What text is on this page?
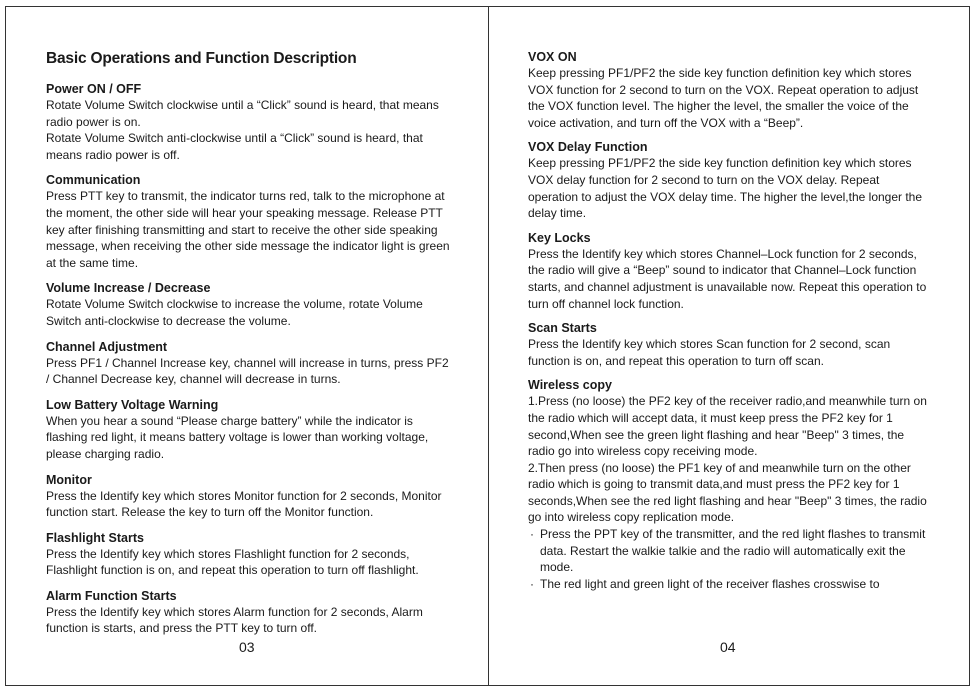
Basic Operations and Function Description

Power ON / OFF

Rotate Volume Switch clockwise until a “Click” sound is heard, that means radio power is on.

Rotate Volume Switch anti-clockwise until a “Click” sound is heard, that means radio power is off.

Communication

Press PTT key to transmit, the indicator turns red, talk to the microphone at the moment, the other side will hear your speaking message. Release PTT key after finishing transmitting and start to receive the other side speaking message, when receiving the other side message the indicator light is green at the same time.

Volume Increase / Decrease

Rotate Volume Switch clockwise to increase the volume, rotate Volume Switch anti-clockwise to decrease the volume.

Channel Adjustment

Press PF1 / Channel Increase key, channel will increase in turns, press PF2 / Channel Decrease key, channel will decrease in turns.

Low Battery Voltage Warning

When you hear a sound “Please charge battery” while the indicator is flashing red light, it means battery voltage is lower than working voltage, please charging radio.

Monitor

Press the Identify key which stores Monitor function for 2 seconds, Monitor function start. Release the key to turn off the Monitor function.

Flashlight Starts

Press the Identify key which stores Flashlight function for 2 seconds, Flashlight function is on, and repeat this operation to turn off flashlight.

Alarm Function Starts

Press the Identify key which stores Alarm function for 2 seconds, Alarm function is starts, and press the PTT key to turn off.

03

VOX ON

Keep pressing PF1/PF2 the side key function definition key which stores VOX function for 2 second to turn on the VOX. Repeat operation to adjust the VOX function level. The higher the level, the smaller the voice of the voice activation, and turn off the VOX with a “Beep”.

VOX Delay Function

Keep pressing PF1/PF2 the side key function definition key which stores VOX delay function for 2 second to turn on the VOX delay. Repeat operation to adjust the VOX delay time. The higher the level,the longer the delay time.

Key Locks

Press the Identify key which stores Channel–Lock function for 2 seconds, the radio will give a “Beep” sound to indicator that Channel–Lock function starts, and channel adjustment is unavailable now. Repeat this operation to turn off channel lock function.

Scan Starts

Press the Identify key which stores Scan function for 2 second, scan function is on, and repeat this operation to turn off scan.

Wireless copy

1.Press (no loose) the PF2 key of the receiver radio,and meanwhile turn on the radio which will accept data, it must keep press the PF2 key for 1 second,When see the green light flashing and hear "Beep" 3 times, the radio go into wireless copy receiving mode.

2.Then press (no loose) the PF1 key of and meanwhile turn on the other radio which is going to transmit data,and must press the PF2 key for 1 seconds,When see the red light flashing and hear "Beep" 3 times, the radio go into wireless copy replication mode.

· Press the PPT key of the transmitter, and the red light flashes to transmit data. Restart the walkie talkie and the radio will automatically exit the mode.

· The red light and green light of the receiver flashes crosswise to

04
